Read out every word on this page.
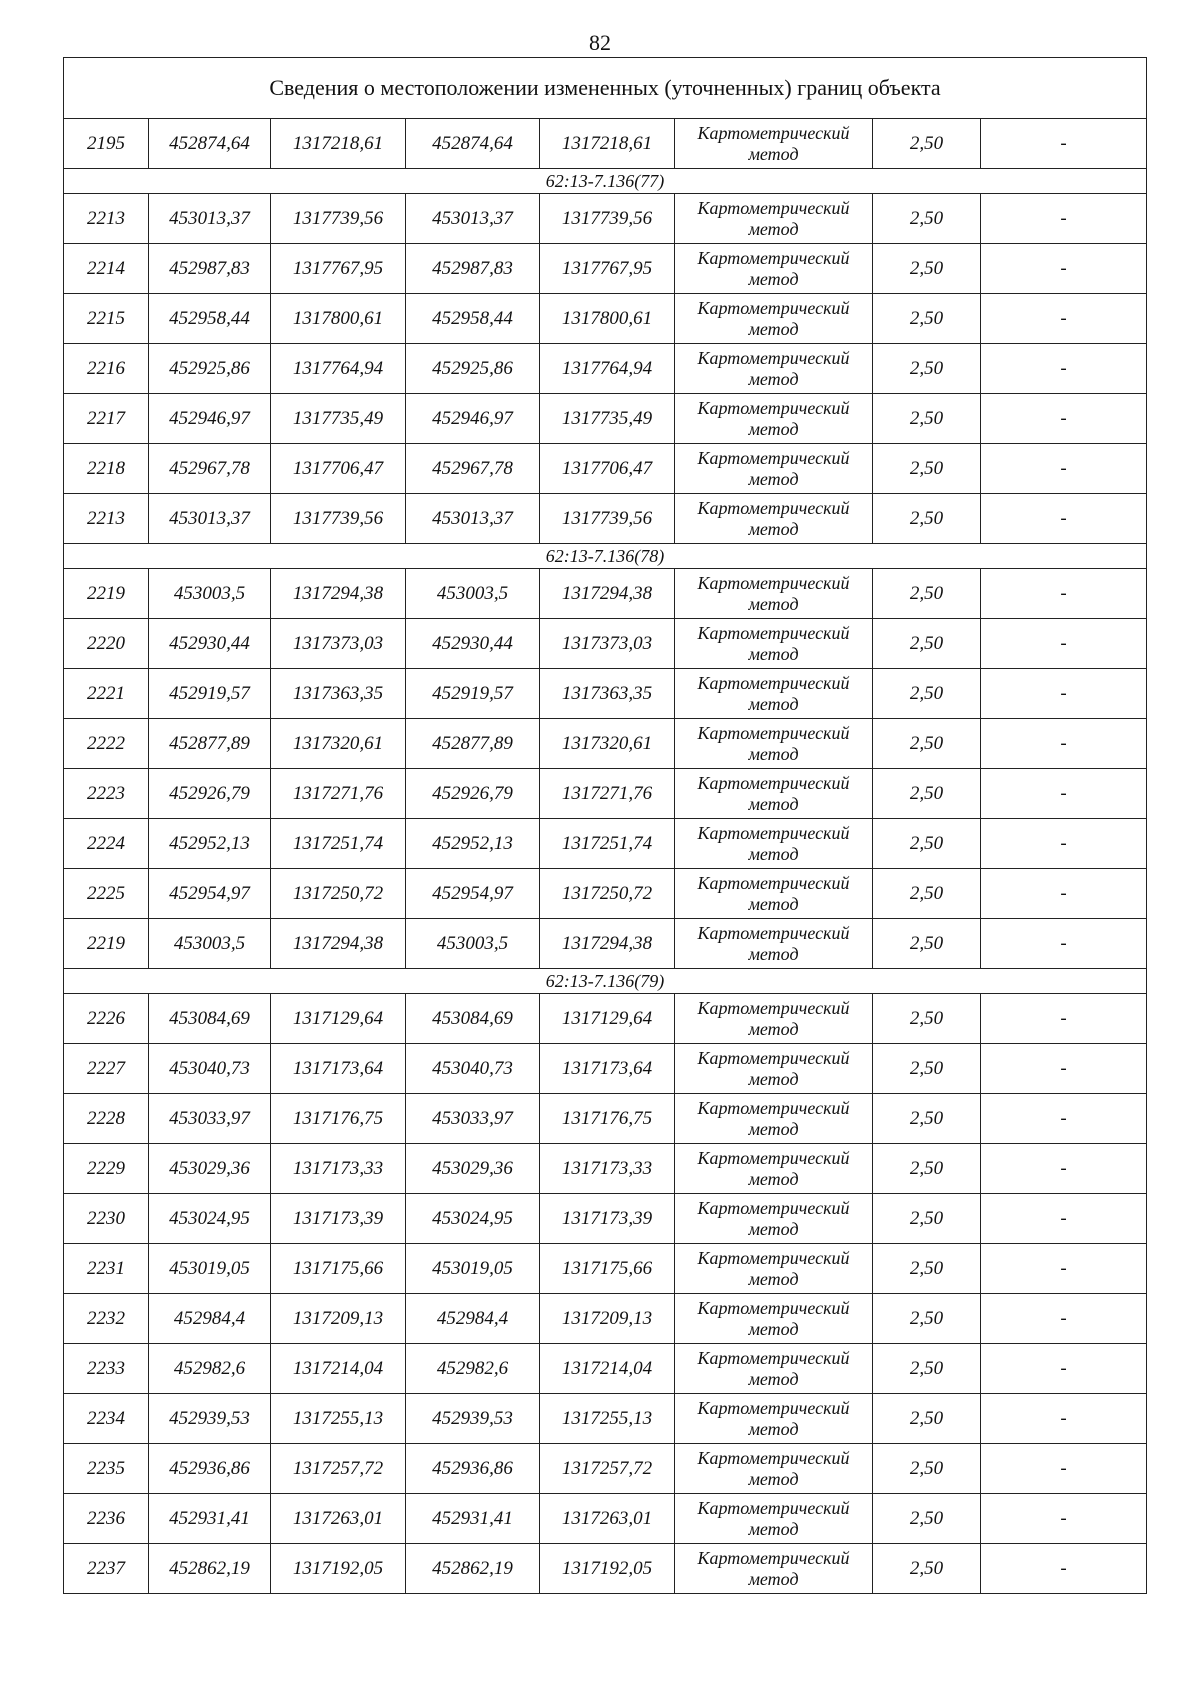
82
Сведения о местоположении измененных (уточненных) границ объекта							
2195	452874,64	1317218,61	452874,64	1317218,61	Картометрический метод	2,50	-
62:13-7.136(77)							
2213	453013,37	1317739,56	453013,37	1317739,56	Картометрический метод	2,50	-
2214	452987,83	1317767,95	452987,83	1317767,95	Картометрический метод	2,50	-
2215	452958,44	1317800,61	452958,44	1317800,61	Картометрический метод	2,50	-
2216	452925,86	1317764,94	452925,86	1317764,94	Картометрический метод	2,50	-
2217	452946,97	1317735,49	452946,97	1317735,49	Картометрический метод	2,50	-
2218	452967,78	1317706,47	452967,78	1317706,47	Картометрический метод	2,50	-
2213	453013,37	1317739,56	453013,37	1317739,56	Картометрический метод	2,50	-
62:13-7.136(78)							
2219	453003,5	1317294,38	453003,5	1317294,38	Картометрический метод	2,50	-
2220	452930,44	1317373,03	452930,44	1317373,03	Картометрический метод	2,50	-
2221	452919,57	1317363,35	452919,57	1317363,35	Картометрический метод	2,50	-
2222	452877,89	1317320,61	452877,89	1317320,61	Картометрический метод	2,50	-
2223	452926,79	1317271,76	452926,79	1317271,76	Картометрический метод	2,50	-
2224	452952,13	1317251,74	452952,13	1317251,74	Картометрический метод	2,50	-
2225	452954,97	1317250,72	452954,97	1317250,72	Картометрический метод	2,50	-
2219	453003,5	1317294,38	453003,5	1317294,38	Картометрический метод	2,50	-
62:13-7.136(79)							
2226	453084,69	1317129,64	453084,69	1317129,64	Картометрический метод	2,50	-
2227	453040,73	1317173,64	453040,73	1317173,64	Картометрический метод	2,50	-
2228	453033,97	1317176,75	453033,97	1317176,75	Картометрический метод	2,50	-
2229	453029,36	1317173,33	453029,36	1317173,33	Картометрический метод	2,50	-
2230	453024,95	1317173,39	453024,95	1317173,39	Картометрический метод	2,50	-
2231	453019,05	1317175,66	453019,05	1317175,66	Картометрический метод	2,50	-
2232	452984,4	1317209,13	452984,4	1317209,13	Картометрический метод	2,50	-
2233	452982,6	1317214,04	452982,6	1317214,04	Картометрический метод	2,50	-
2234	452939,53	1317255,13	452939,53	1317255,13	Картометрический метод	2,50	-
2235	452936,86	1317257,72	452936,86	1317257,72	Картометрический метод	2,50	-
2236	452931,41	1317263,01	452931,41	1317263,01	Картометрический метод	2,50	-
2237	452862,19	1317192,05	452862,19	1317192,05	Картометрический метод	2,50	-
